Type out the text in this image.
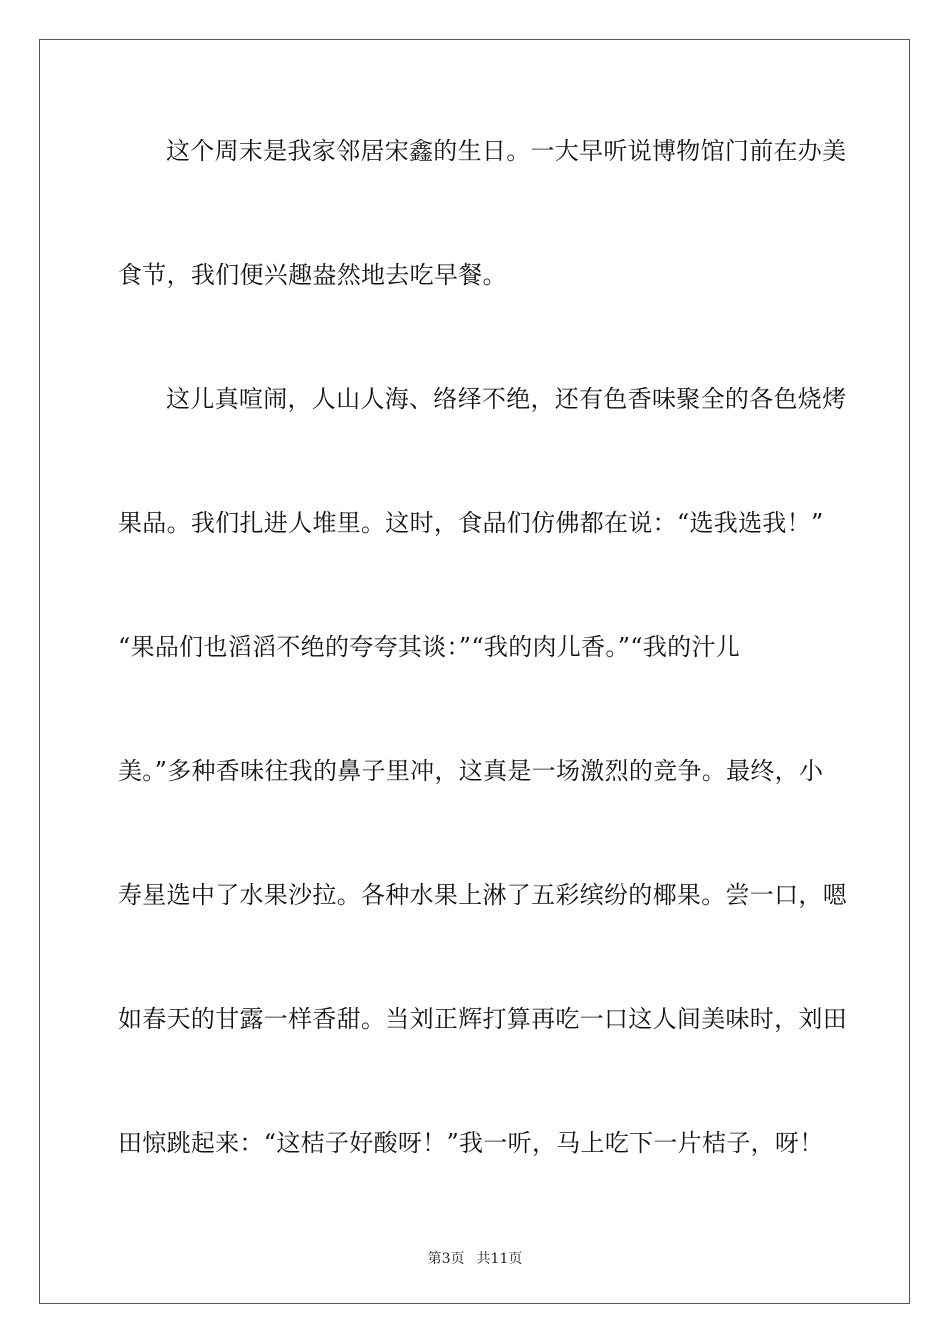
这个周末是我家邻居宋鑫的生日。一大早听说博物馆门前在办美
食节，我们便兴趣盎然地去吃早餐。
这儿真喧闹，人山人海、络绎不绝，还有色香味聚全的各色烧烤
果品。我们扎进人堆里。这时，食品们仿佛都在说：“选我选我！”
“果品们也滔滔不绝的夸夸其谈：”“我的肉儿香。”“我的汁儿
美。”多种香味往我的鼻子里冲，这真是一场激烈的竞争。最终，小
寿星选中了水果沙拉。各种水果上淋了五彩缤纷的椰果。尝一口，嗯
如春天的甘露一样香甜。当刘正辉打算再吃一口这人间美味时，刘田
田惊跳起来：“这桔子好酸呀！”我一听，马上吃下一片桔子，呀！
第3页 共11页
